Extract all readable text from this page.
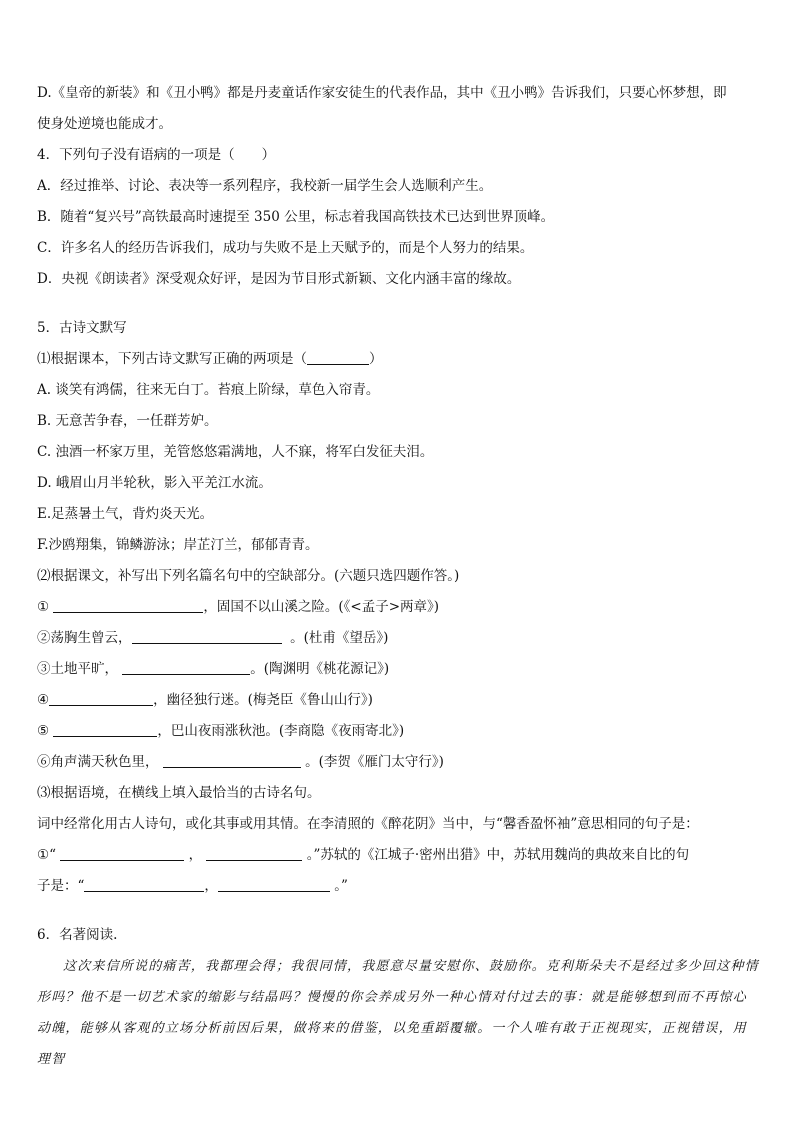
D.《皇帝的新装》和《丑小鸭》都是丹麦童话作家安徒生的代表作品，其中《丑小鸭》告诉我们，只要心怀梦想，即
使身处逆境也能成才。
4．下列句子没有语病的一项是（　　）
A．经过推举、讨论、表决等一系列程序，我校新一届学生会人选顺利产生。
B．随着“复兴号”高铁最高时速提至 350 公里，标志着我国高铁技术已达到世界顶峰。
C．许多名人的经历告诉我们，成功与失败不是上天赋予的，而是个人努力的结果。
D．央视《朗读者》深受观众好评，是因为节目形式新颖、文化内涵丰富的缘故。
5．古诗文默写
⑴根据课本，下列古诗文默写正确的两项是（	）
A. 谈笑有鸿儒，往来无白丁。苔痕上阶绿，草色入帘青。
B. 无意苦争春，一任群芳妒。
C. 浊酒一杯家万里，羌管悠悠霜满地，人不寐，将军白发征夫泪。
D. 峨眉山月半轮秋，影入平羌江水流。
E.足蒸暑土气，背灼炎天光。
F.沙鸥翔集，锦鳞游泳；岸芷汀兰，郁郁青青。
⑵根据课文，补写出下列名篇名句中的空缺部分。(六题只选四题作答。)
①	，固国不以山溪之险。(《<孟子>两章》)
②荡胸生曾云，	。(杜甫《望岳》)
③土地平旷，	。(陶渊明《桃花源记》)
④	，幽径独行迷。(梅尧臣《鲁山山行》)
⑤	，巴山夜雨涨秋池。(李商隐《夜雨寄北》)
⑥角声满天秋色里，	。(李贺《雁门太守行》)
⑶根据语境，在横线上填入最恰当的古诗名句。
词中经常化用古人诗句，或化其事或用其情。在李清照的《醉花阴》当中，与“馨香盈怀袖”意思相同的句子是：
①“	，	。”苏轼的《江城子·密州出猎》中，苏轼用魏尚的典故来自比的句
子是：“	，	。”
6．名著阅读.

这次来信所说的痛苦，我都理会得；我很同情，我愿意尽量安慰你、鼓励你。克利斯朵夫不是经过多少回这种情形吗？他不是一切艺术家的缩影与结晶吗？慢慢的你会养成另外一种心情对付过去的事：就是能够想到而不再惊心动魄，能够从客观的立场分析前因后果，做将来的借鉴，以免重蹈覆辙。一个人唯有敢于正视现实，正视错误，用理智
